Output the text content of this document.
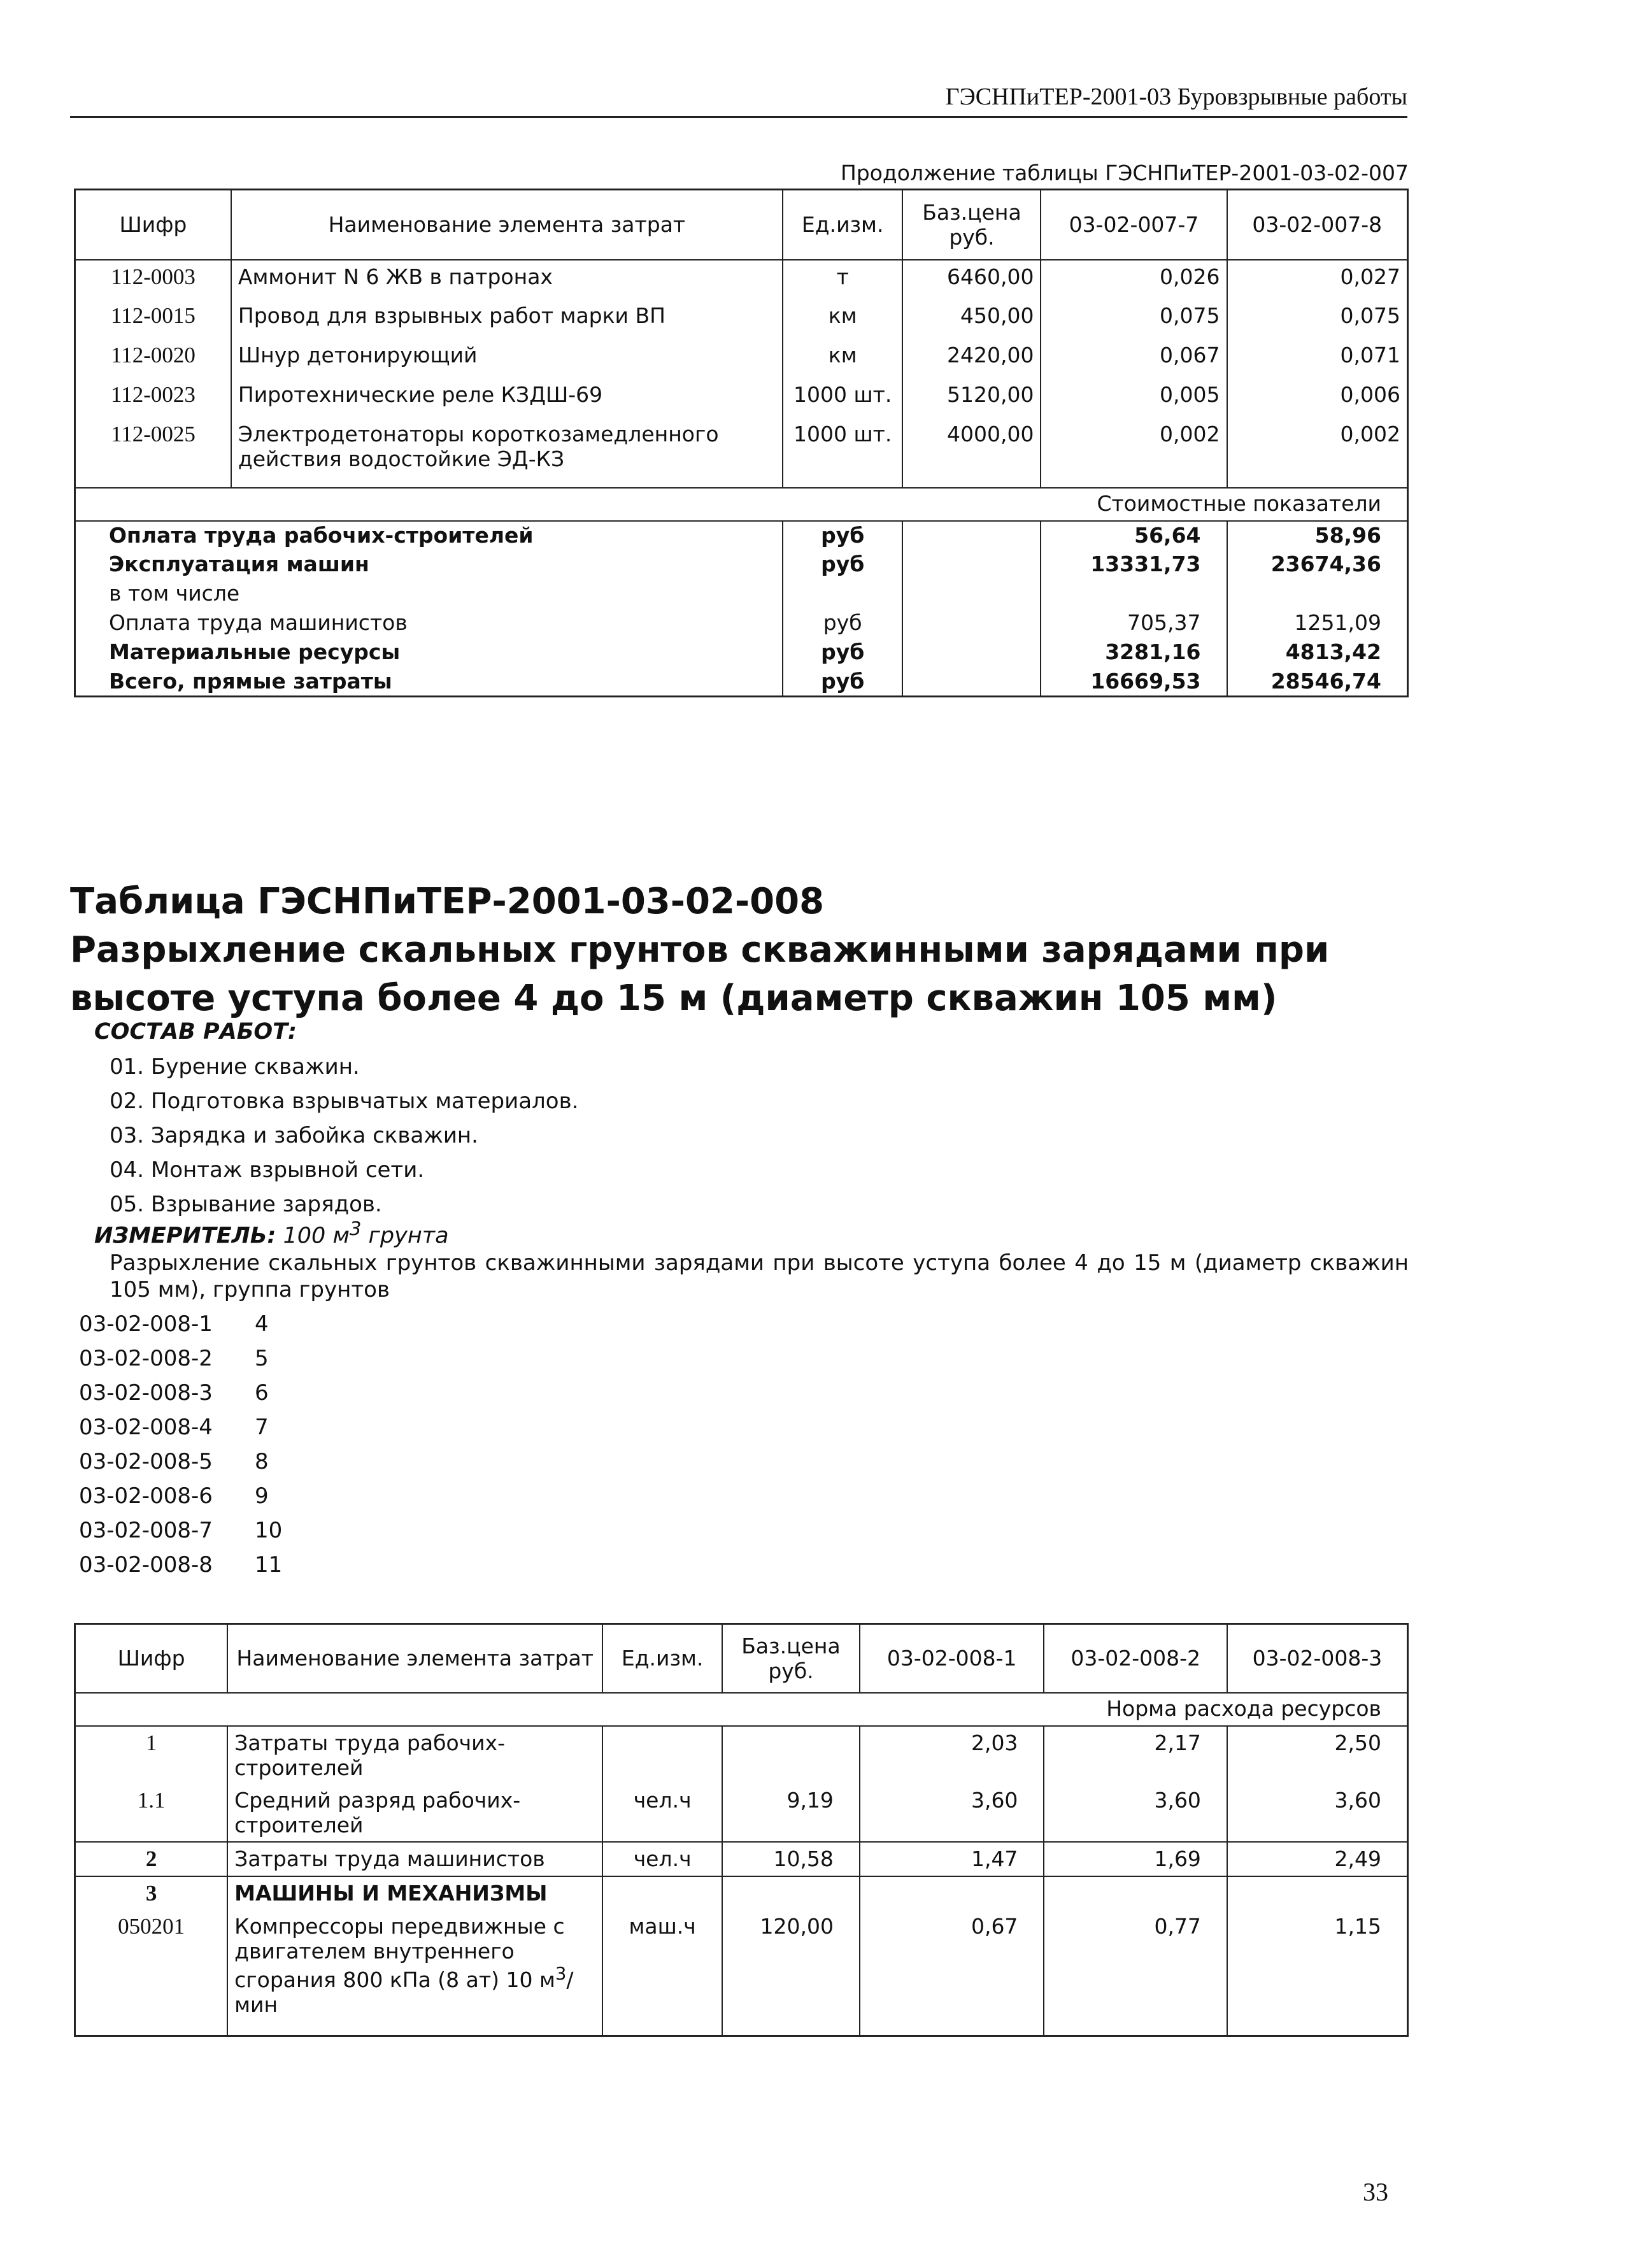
ГЭСНПиТЕР-2001-03 Буровзрывные работы
Продолжение таблицы ГЭСНПиТЕР-2001-03-02-007
Шифр	Наименование элемента затрат	Ед.изм.	Баз.цена руб.	03-02-007-7	03-02-007-8
112-0003	Аммонит N 6 ЖВ в патронах	т	6460,00	0,026	0,027
112-0015	Провод для взрывных работ марки ВП	км	450,00	0,075	0,075
112-0020	Шнур детонирующий	км	2420,00	0,067	0,071
112-0023	Пиротехнические реле КЗДШ-69	1000 шт.	5120,00	0,005	0,006
112-0025	Электродетонаторы короткозамедленного действия водостойкие ЭД-КЗ	1000 шт.	4000,00	0,002	0,002
Стоимостные показатели					
Оплата труда рабочих-строителей		руб		56,64	58,96
Эксплуатация машин		руб		13331,73	23674,36
в том числе					
Оплата труда машинистов		руб		705,37	1251,09
Материальные ресурсы		руб		3281,16	4813,42
Всего, прямые затраты		руб		16669,53	28546,74
Таблица ГЭСНПиТЕР-2001-03-02-008
Разрыхление скальных грунтов скважинными зарядами при высоте уступа более 4 до 15 м (диаметр скважин 105 мм)
СОСТАВ РАБОТ:
01. Бурение скважин.
02. Подготовка взрывчатых материалов.
03. Зарядка и забойка скважин.
04. Монтаж взрывной сети.
05. Взрывание зарядов.
ИЗМЕРИТЕЛЬ: 100 $м^3$ грунта
Разрыхление скальных грунтов скважинными зарядами при высоте уступа более 4 до 15 м (диаметр скважин 105 мм), группа грунтов
03-02-008-1 4
03-02-008-2 5
03-02-008-3 6
03-02-008-4 7
03-02-008-5 8
03-02-008-6 9
03-02-008-7 10
03-02-008-8 11
Шифр	Наименование элемента затрат	Ед.изм.	Баз.цена руб.	03-02-008-1	03-02-008-2	03-02-008-3
Норма расхода ресурсов						
1	Затраты труда рабочих-строителей			2,03	2,17	2,50
1.1	Средний разряд рабочих-строителей	чел.ч	9,19	3,60	3,60	3,60
2	Затраты труда машинистов	чел.ч	10,58	1,47	1,69	2,49
3	МАШИНЫ И МЕХАНИЗМЫ					
050201	Компрессоры передвижные с двигателем внутреннего сгорания 800 кПа (8 ат) 10 $м^3$/мин	маш.ч	120,00	0,67	0,77	1,15
33
